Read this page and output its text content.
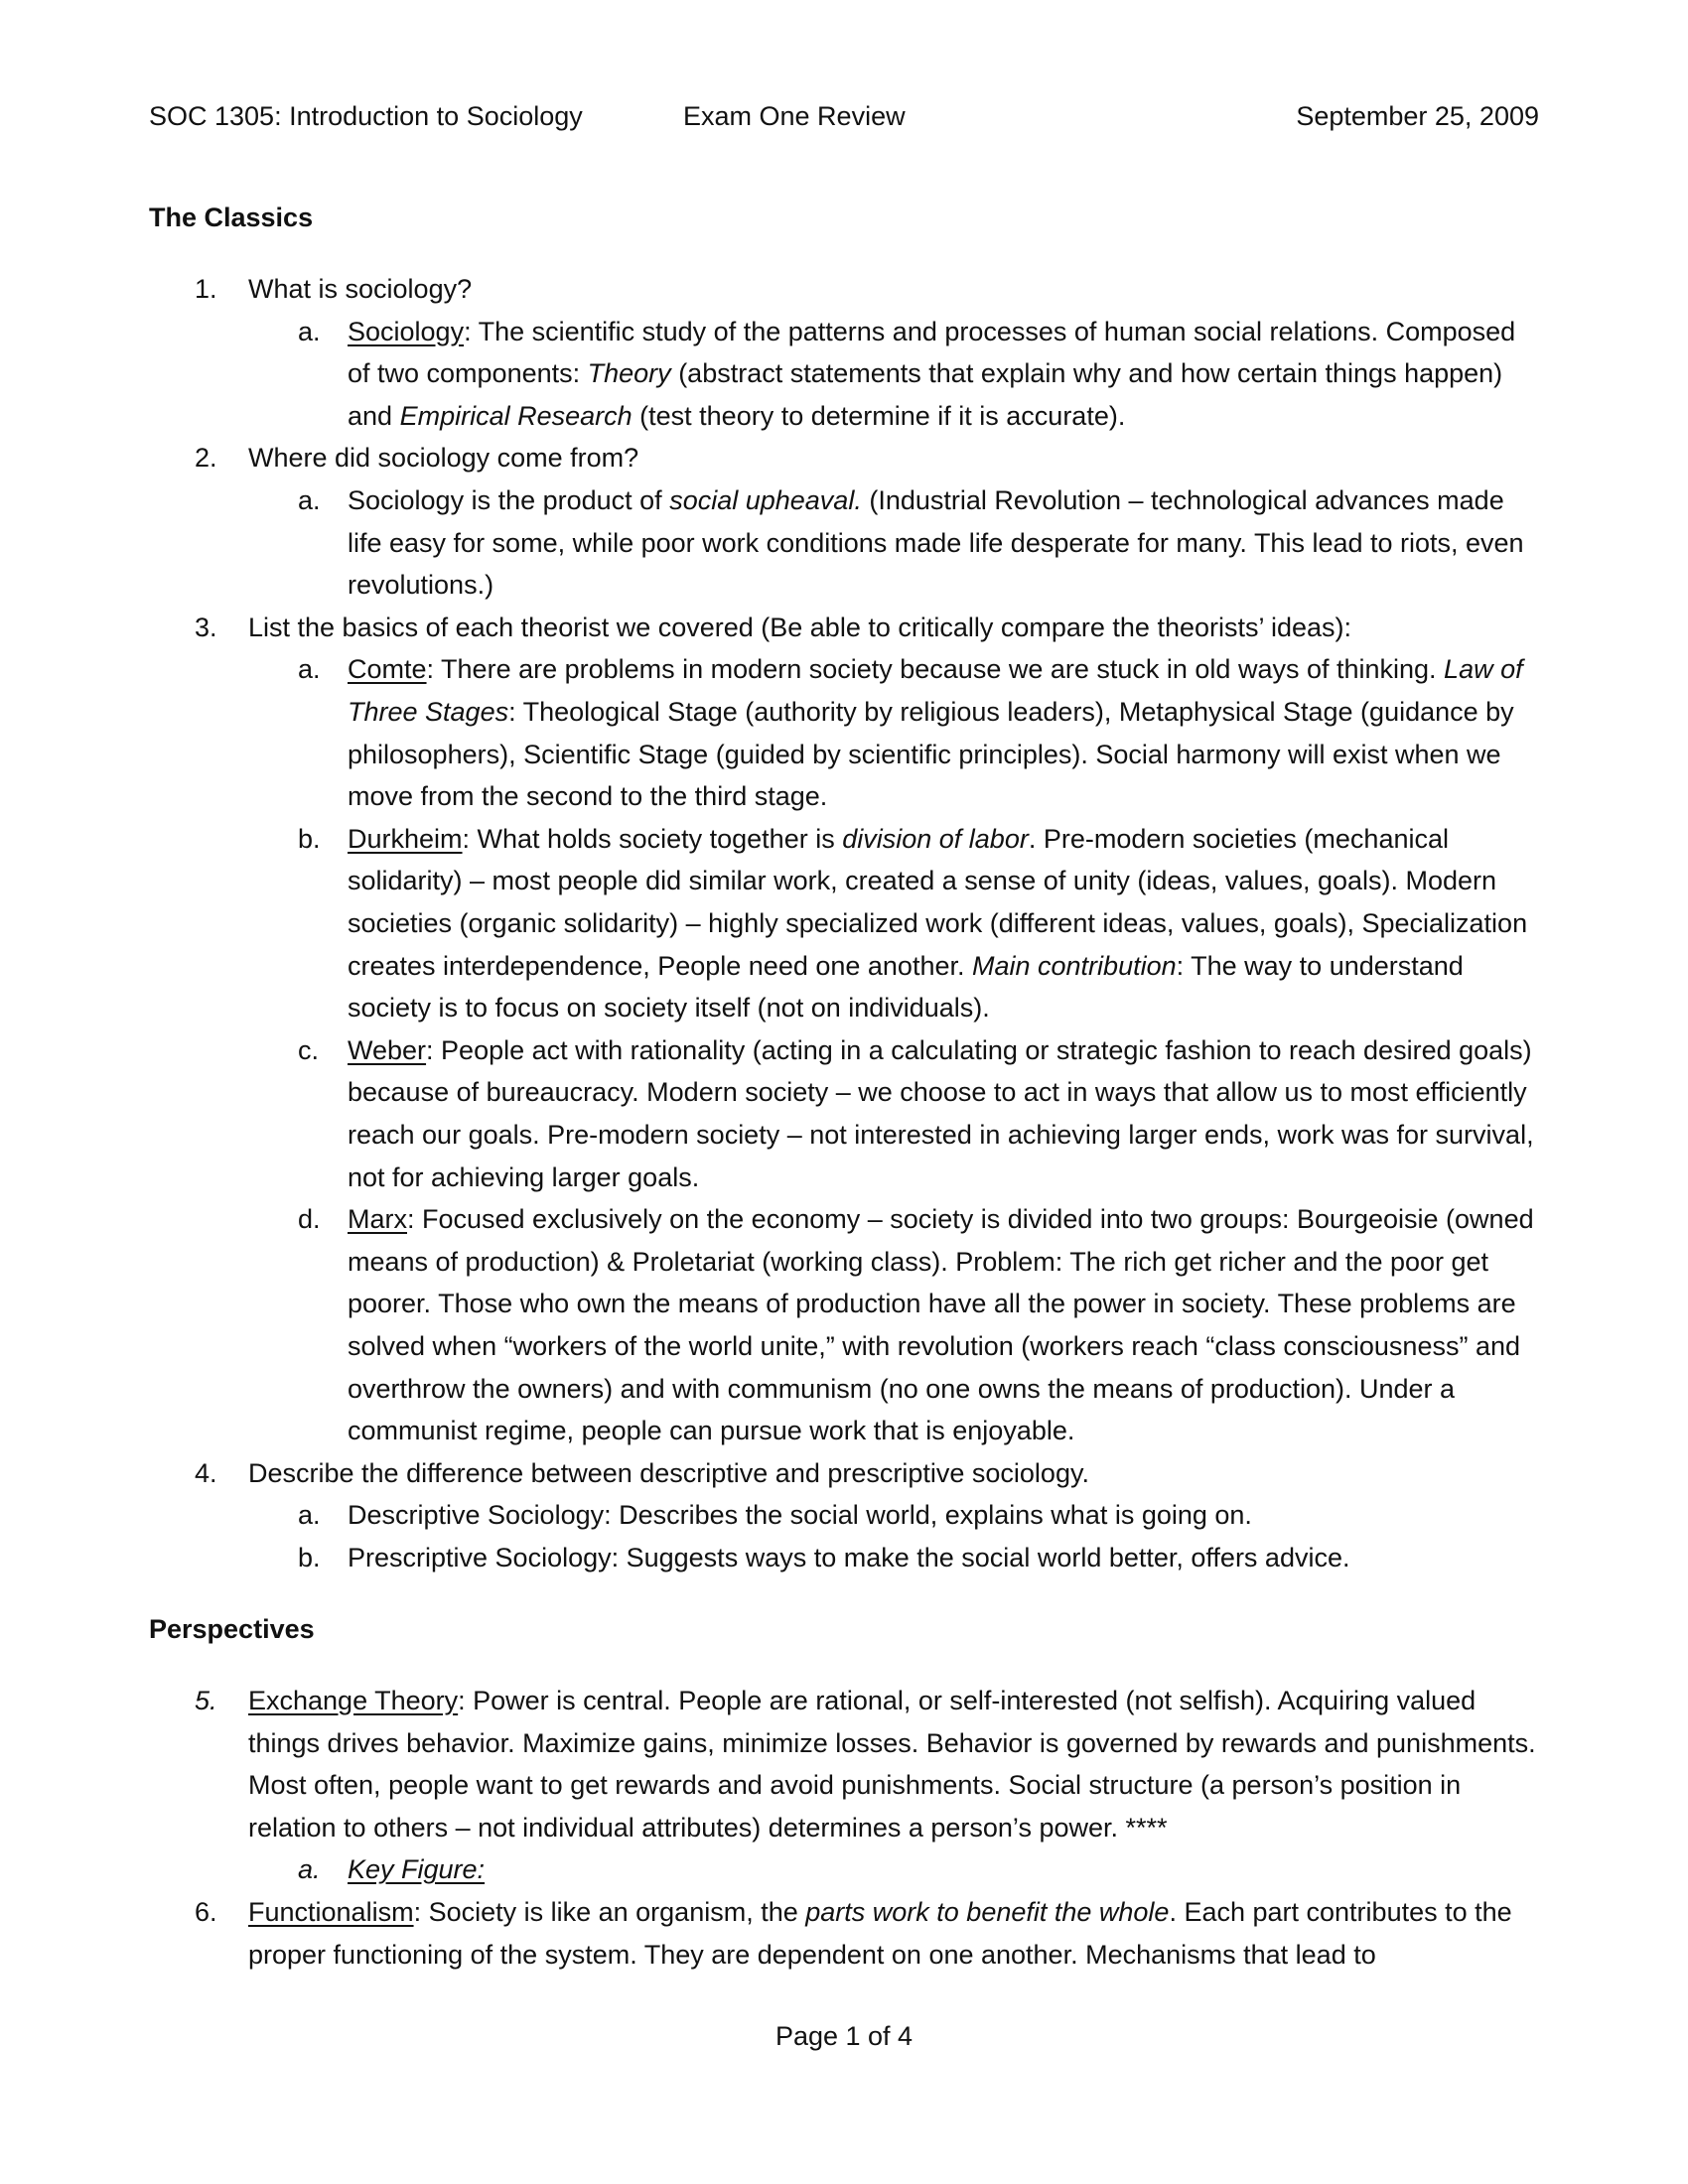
SOC 1305: Introduction to Sociology	Exam One Review	September 25, 2009
The Classics
1. What is sociology?
a. Sociology: The scientific study of the patterns and processes of human social relations. Composed of two components: Theory (abstract statements that explain why and how certain things happen) and Empirical Research (test theory to determine if it is accurate).
2. Where did sociology come from?
a. Sociology is the product of social upheaval. (Industrial Revolution – technological advances made life easy for some, while poor work conditions made life desperate for many. This lead to riots, even revolutions.)
3. List the basics of each theorist we covered (Be able to critically compare the theorists’ ideas):
a. Comte: There are problems in modern society because we are stuck in old ways of thinking. Law of Three Stages: Theological Stage (authority by religious leaders), Metaphysical Stage (guidance by philosophers), Scientific Stage (guided by scientific principles). Social harmony will exist when we move from the second to the third stage.
b. Durkheim: What holds society together is division of labor. Pre-modern societies (mechanical solidarity) – most people did similar work, created a sense of unity (ideas, values, goals). Modern societies (organic solidarity) – highly specialized work (different ideas, values, goals), Specialization creates interdependence, People need one another. Main contribution: The way to understand society is to focus on society itself (not on individuals).
c. Weber: People act with rationality (acting in a calculating or strategic fashion to reach desired goals) because of bureaucracy. Modern society – we choose to act in ways that allow us to most efficiently reach our goals. Pre-modern society – not interested in achieving larger ends, work was for survival, not for achieving larger goals.
d. Marx: Focused exclusively on the economy – society is divided into two groups: Bourgeoisie (owned means of production) & Proletariat (working class). Problem: The rich get richer and the poor get poorer. Those who own the means of production have all the power in society. These problems are solved when “workers of the world unite,” with revolution (workers reach “class consciousness” and overthrow the owners) and with communism (no one owns the means of production). Under a communist regime, people can pursue work that is enjoyable.
4. Describe the difference between descriptive and prescriptive sociology.
a. Descriptive Sociology: Describes the social world, explains what is going on.
b. Prescriptive Sociology: Suggests ways to make the social world better, offers advice.
Perspectives
5. Exchange Theory: Power is central. People are rational, or self-interested (not selfish). Acquiring valued things drives behavior. Maximize gains, minimize losses. Behavior is governed by rewards and punishments. Most often, people want to get rewards and avoid punishments. Social structure (a person’s position in relation to others – not individual attributes) determines a person’s power. ****
a. Key Figure:
6. Functionalism: Society is like an organism, the parts work to benefit the whole. Each part contributes to the proper functioning of the system. They are dependent on one another. Mechanisms that lead to
Page 1 of 4
